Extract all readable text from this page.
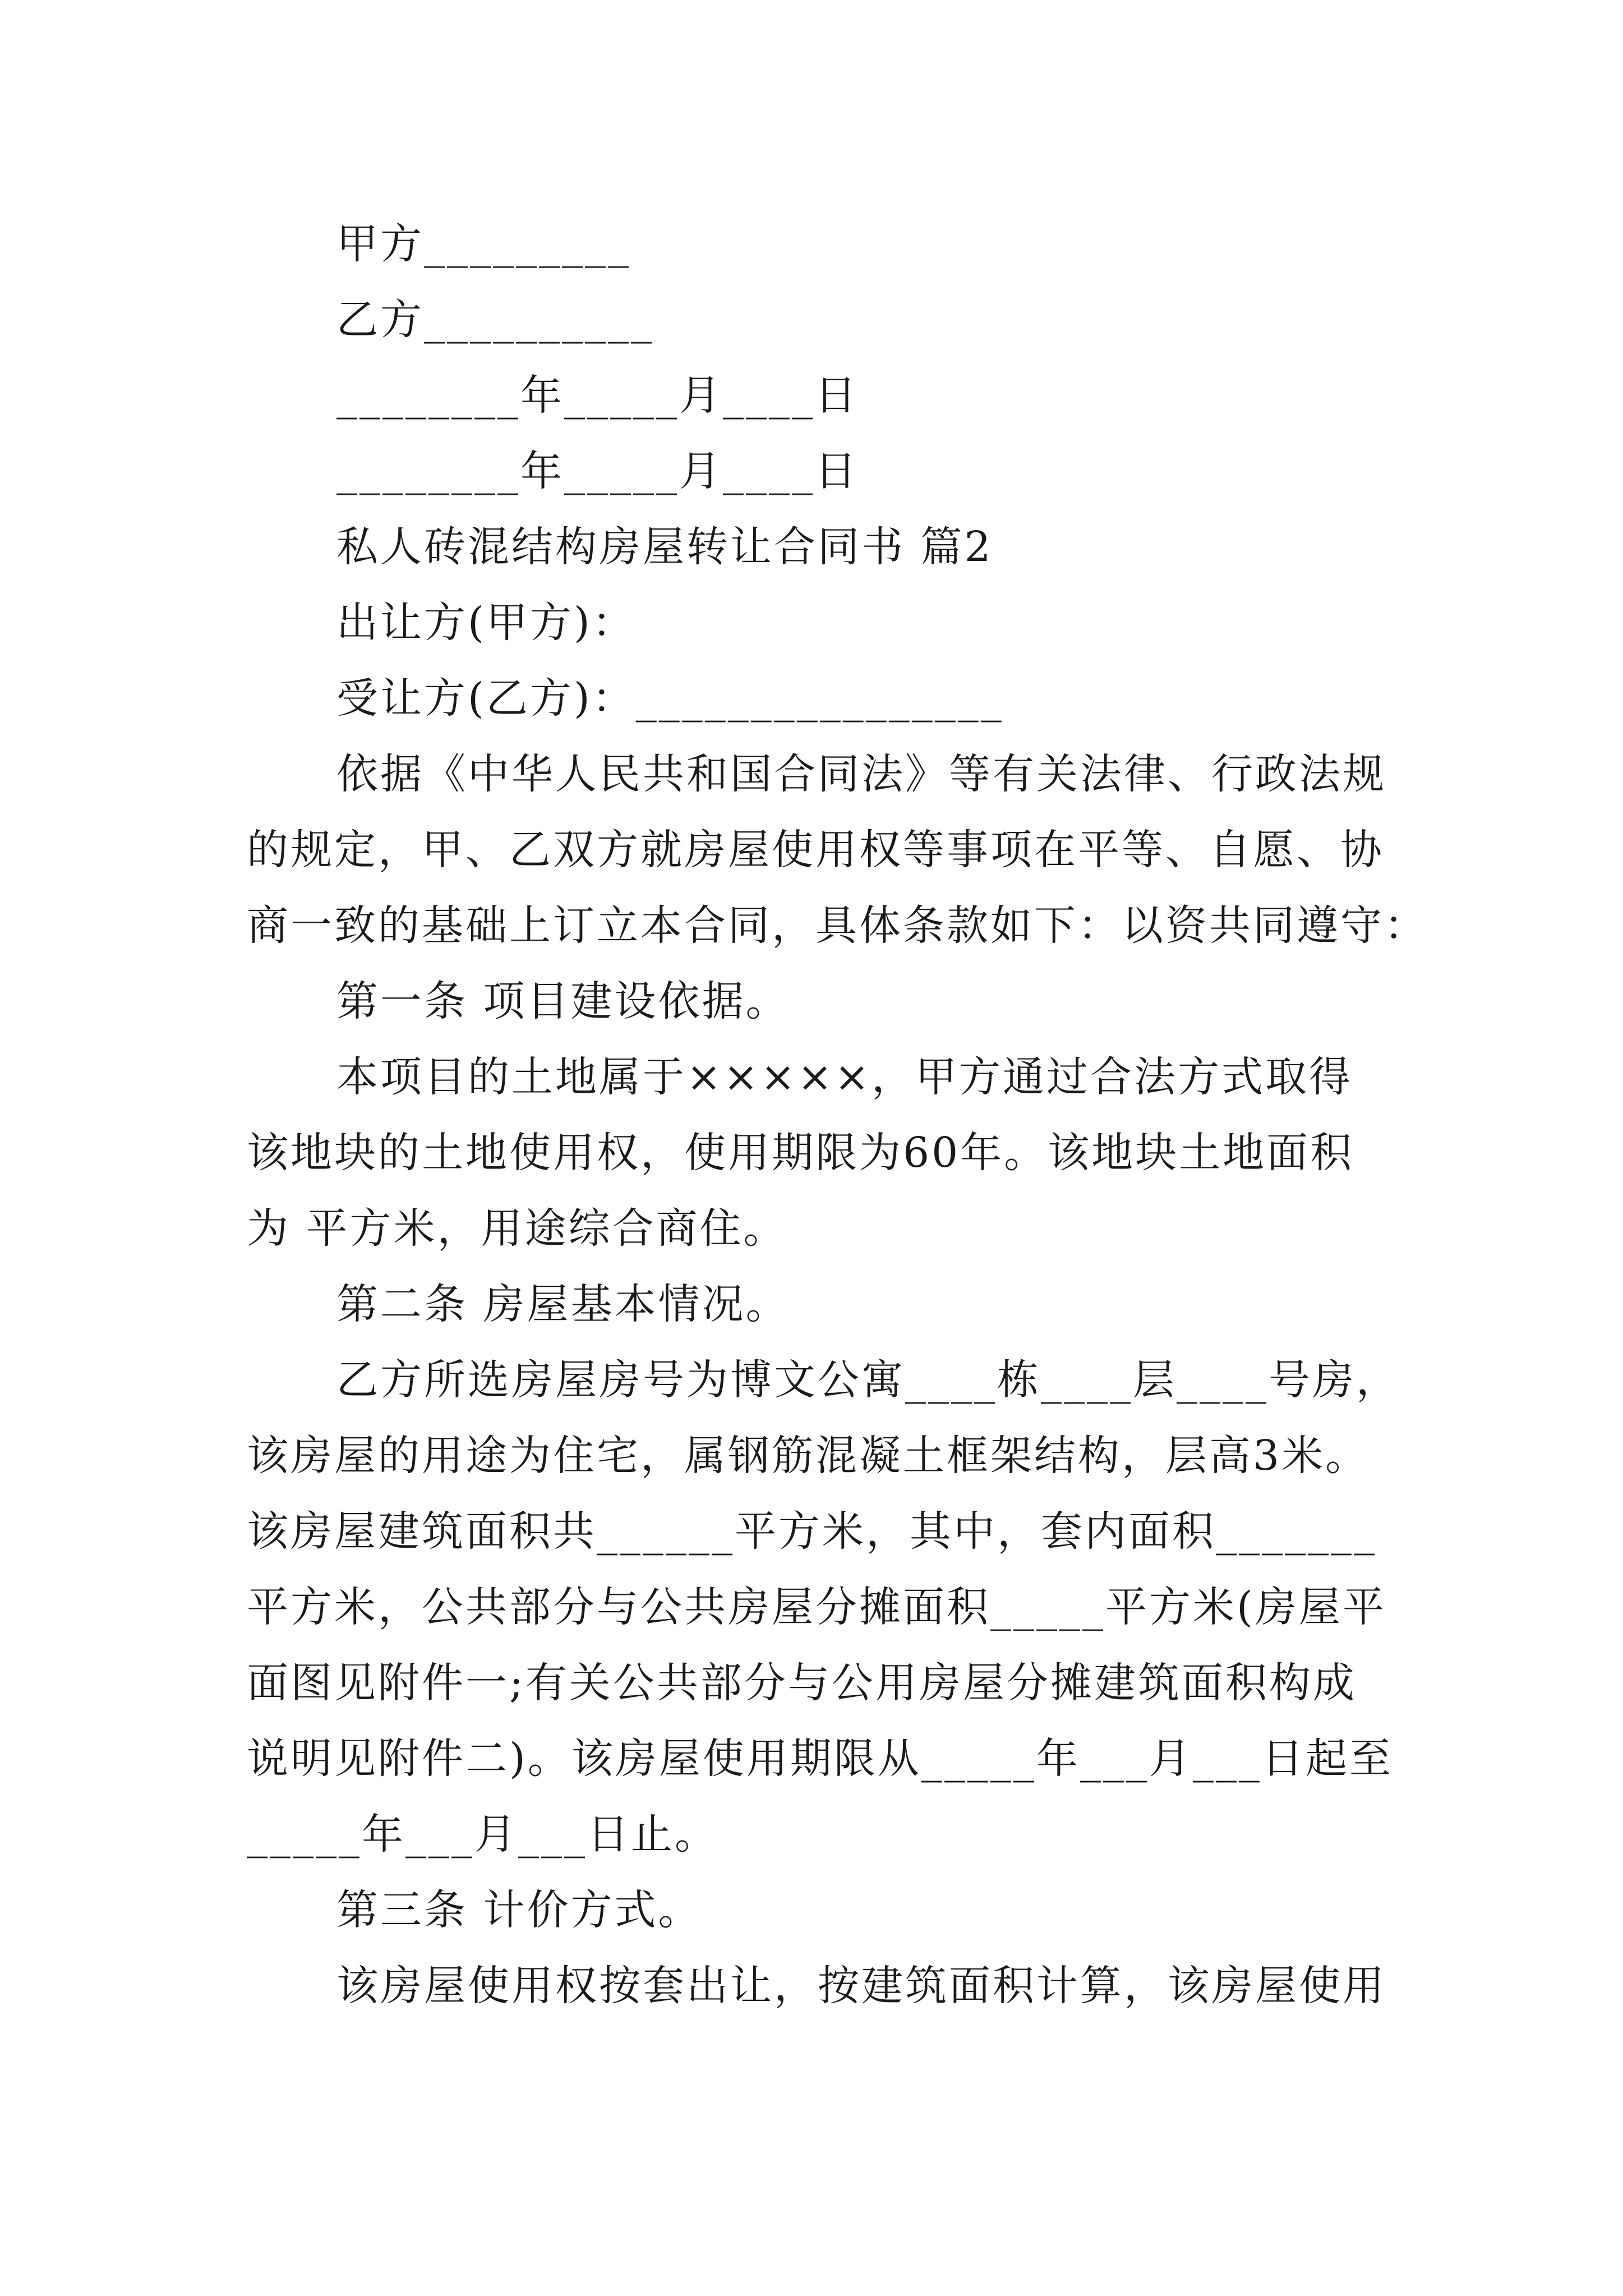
甲方_________
乙方__________
________年_____月____日
________年_____月____日
私人砖混结构房屋转让合同书 篇2
出让方(甲方)：
受让方(乙方)：________________
依据《中华人民共和国合同法》等有关法律、行政法规
的规定，甲、乙双方就房屋使用权等事项在平等、自愿、协
商一致的基础上订立本合同，具体条款如下：以资共同遵守：
第一条 项目建设依据。
本项目的土地属于×××××，甲方通过合法方式取得
该地块的土地使用权，使用期限为60年。该地块土地面积
为 平方米，用途综合商住。
第二条 房屋基本情况。
乙方所选房屋房号为博文公寓____栋____层____号房，
该房屋的用途为住宅，属钢筋混凝土框架结构，层高3米。
该房屋建筑面积共______平方米，其中，套内面积_______
平方米，公共部分与公共房屋分摊面积_____平方米(房屋平
面图见附件一;有关公共部分与公用房屋分摊建筑面积构成
说明见附件二)。该房屋使用期限从_____年___月___日起至
_____年___月___日止。
第三条 计价方式。
该房屋使用权按套出让，按建筑面积计算，该房屋使用
